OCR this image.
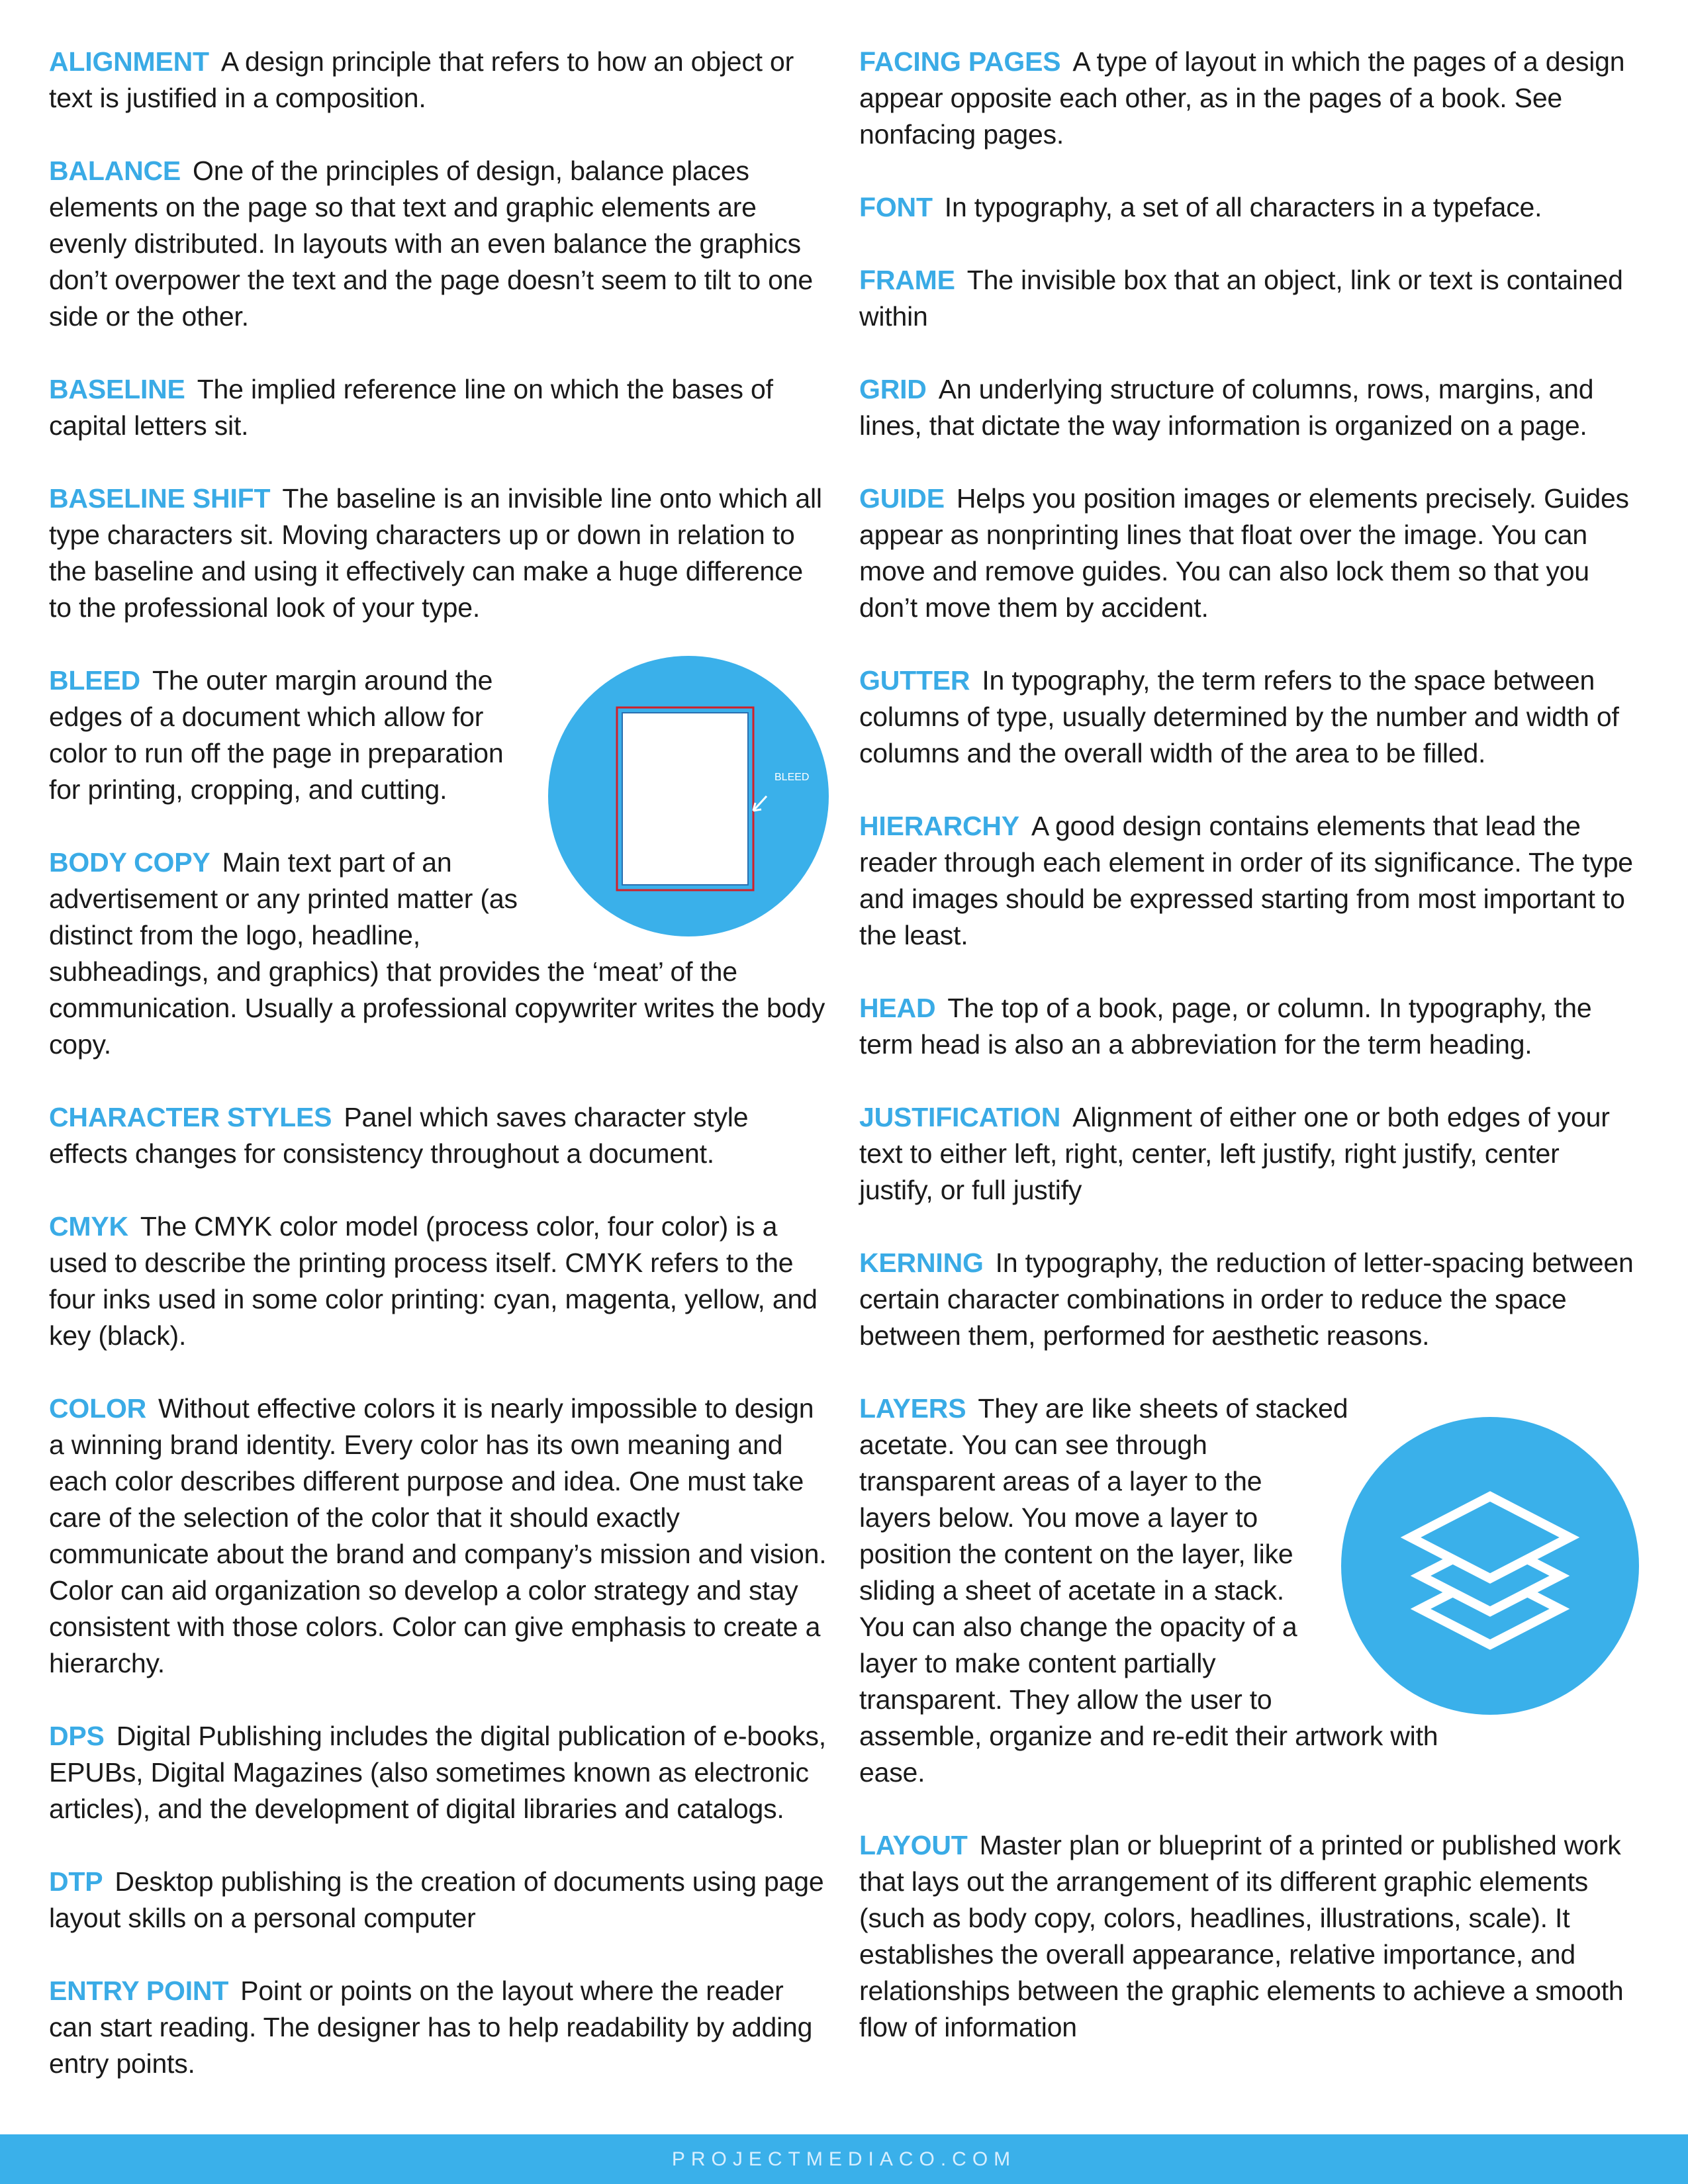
ALIGNMENT A design principle that refers to how an object or text is justified in a composition.

BALANCE One of the principles of design, balance places elements on the page so that text and graphic elements are evenly distributed. In layouts with an even balance the graphics don’t overpower the text and the page doesn’t seem to tilt to one side or the other.

BASELINE The implied reference line on which the bases of capital letters sit.

BASELINE SHIFT The baseline is an invisible line onto which all type characters sit. Moving characters up or down in relation to the baseline and using it effectively can make a huge difference to the professional look of your type.

BLEED

BLEED The outer margin around the edges of a document which allow for color to run off the page in preparation for printing, cropping, and cutting.

BODY COPY Main text part of an advertisement or any printed matter (as distinct from the logo, headline, subheadings, and graphics) that provides the ‘meat’ of the communication. Usually a professional copywriter writes the body copy.

CHARACTER STYLES Panel which saves character style effects changes for consistency throughout a document.

CMYK The CMYK color model (process color, four color) is a used to describe the printing process itself. CMYK refers to the four inks used in some color printing: cyan, magenta, yellow, and key (black).

COLOR Without effective colors it is nearly impossible to design a winning brand identity. Every color has its own meaning and each color describes different purpose and idea. One must take care of the selection of the color that it should exactly communicate about the brand and company’s mission and vision. Color can aid organization so develop a color strategy and stay consistent with those colors. Color can give emphasis to create a hierarchy.

DPS Digital Publishing includes the digital publication of e-books, EPUBs, Digital Magazines (also sometimes known as electronic articles), and the development of digital libraries and catalogs.

DTP Desktop publishing is the creation of documents using page layout skills on a personal computer

ENTRY POINT Point or points on the layout where the reader can start reading. The designer has to help readability by adding entry points.

FACING PAGES A type of layout in which the pages of a design appear opposite each other, as in the pages of a book. See nonfacing pages.

FONT In typography, a set of all characters in a typeface.

FRAME The invisible box that an object, link or text is contained within

GRID An underlying structure of columns, rows, margins, and lines, that dictate the way information is organized on a page.

GUIDE Helps you position images or elements precisely. Guides appear as nonprinting lines that float over the image. You can move and remove guides. You can also lock them so that you don’t move them by accident.

GUTTER In typography, the term refers to the space between columns of type, usually determined by the number and width of columns and the overall width of the area to be filled.

HIERARCHY A good design contains elements that lead the reader through each element in order of its significance. The type and images should be expressed starting from most important to the least.

HEAD The top of a book, page, or column. In typography, the term head is also an a abbreviation for the term heading.

JUSTIFICATION Alignment of either one or both edges of your text to either left, right, center, left justify, right justify, center justify, or full justify

KERNING In typography, the reduction of letter-spacing between certain character combinations in order to reduce the space between them, performed for aesthetic reasons.

LAYERS They are like sheets of stacked acetate. You can see through transparent areas of a layer to the layers below. You move a layer to position the content on the layer, like sliding a sheet of acetate in a stack. You can also change the opacity of a layer to make content partially transparent. They allow the user to assemble, organize and re-edit their artwork with ease.

LAYOUT Master plan or blueprint of a printed or published work that lays out the arrangement of its different graphic elements (such as body copy, colors, headlines, illustrations, scale). It establishes the overall appearance, relative importance, and relationships between the graphic elements to achieve a smooth flow of information

PROJECTMEDIACO.COM
